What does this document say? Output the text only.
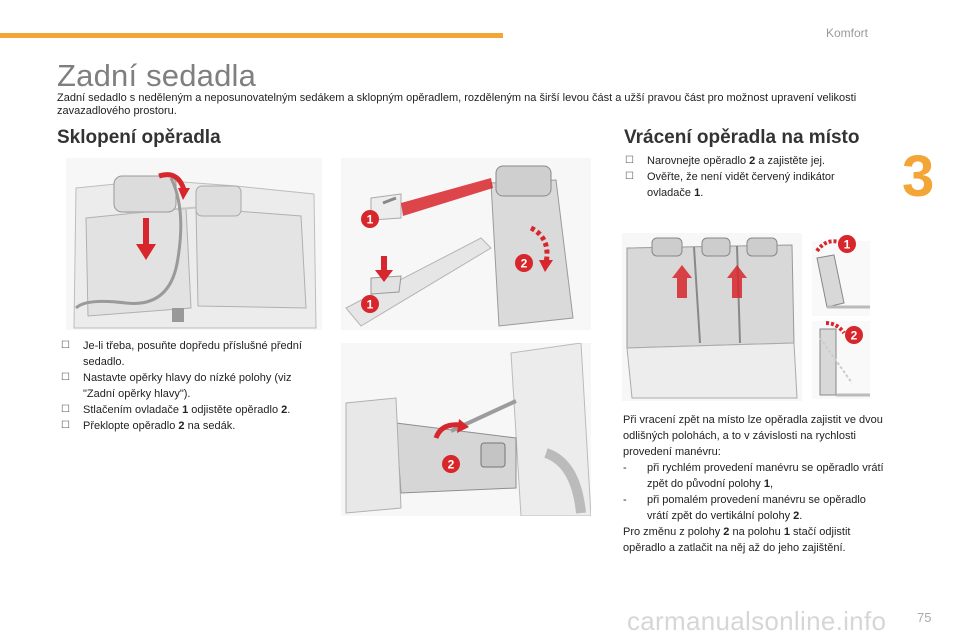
Komfort
3
Zadní sedadla
Zadní sedadlo s neděleným a neposunovatelným sedákem a sklopným opěradlem, rozděleným na širší levou část a užší pravou část pro možnost upravení velikosti zavazadlového prostoru.
Sklopení opěradla	Vrácení opěradla na místo
1
1
2
2
1
2
☐ Je-li třeba, posuňte dopředu příslušné přední sedadlo.
☐ Nastavte opěrky hlavy do nízké polohy (viz "Zadní opěrky hlavy").
☐ Stlačením ovladače 1 odjistěte opěradlo 2.
☐ Překlopte opěradlo 2 na sedák.
☐ Narovnejte opěradlo 2 a zajistěte jej.
☐ Ověřte, že není vidět červený indikátor ovladače 1.
Při vracení zpět na místo lze opěradla zajistit ve dvou odlišných polohách, a to v závislosti na rychlosti provedení manévru:
- při rychlém provedení manévru se opěradlo vrátí zpět do původní polohy 1,
- při pomalém provedení manévru se opěradlo vrátí zpět do vertikální polohy 2.
Pro změnu z polohy 2 na polohu 1 stačí odjistit opěradlo a zatlačit na něj až do jeho zajištění.
carmanualsonline.info 75
